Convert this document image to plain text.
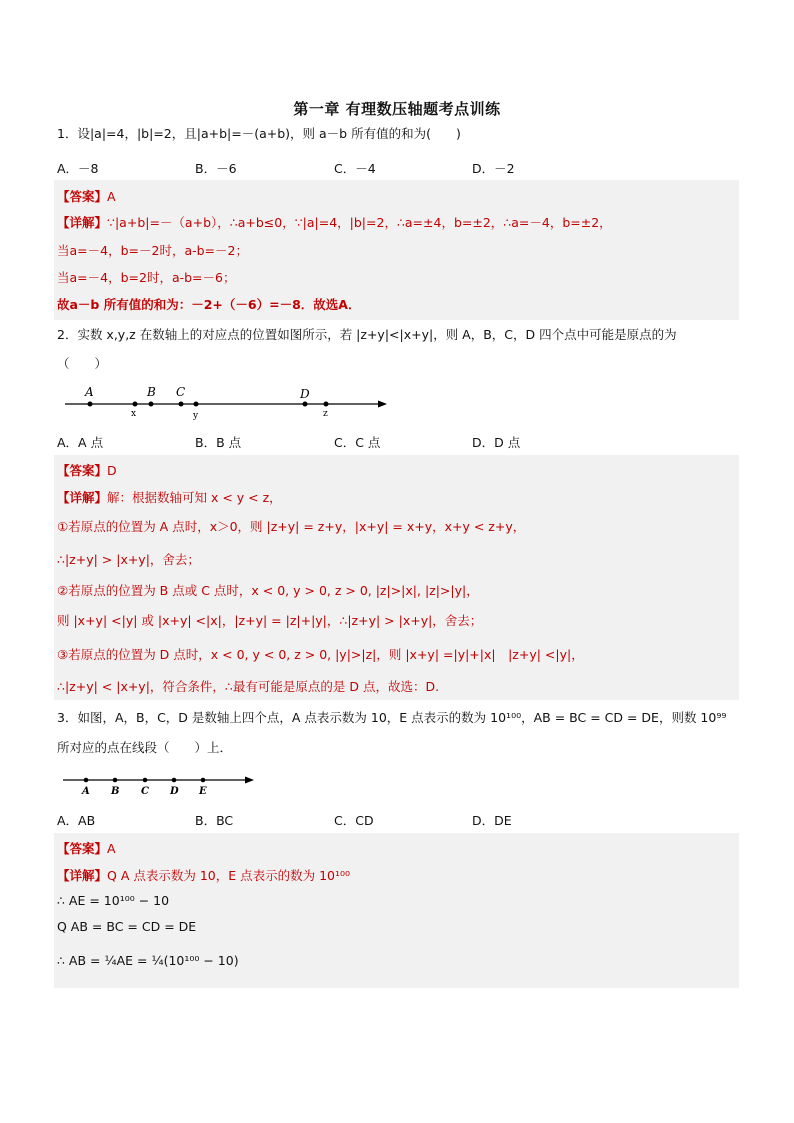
第一章 有理数压轴题考点训练
1．设|a|=4，|b|=2，且|a+b|=－(a+b)，则 a－b 所有值的和为(　　)
A．－8	B．－6	C．－4	D．－2
【答案】A
【详解】∵|a+b|=－（a+b），∴a+b≤0，∵|a|=4，|b|=2，∴a=±4，b=±2，∴a=－4，b=±2，
当a=－4，b=－2时，a-b=－2；
当a=－4，b=2时，a-b=－6；
故a－b 所有值的和为：－2+（－6）=－8．故选A．
2．实数 x,y,z 在数轴上的对应点的位置如图所示，若 |z+y|<|x+y|，则 A，B，C，D 四个点中可能是原点的为
（　　）
A	B C	D
x	y	z
A．A 点	B．B 点	C．C 点	D．D 点
【答案】D
【详解】解：根据数轴可知 x < y < z，
①若原点的位置为 A 点时，x＞0，则 |z+y| = z+y，|x+y| = x+y，x+y < z+y，
∴|z+y| > |x+y|，舍去；
②若原点的位置为 B 点或 C 点时，x < 0, y > 0, z > 0, |z|>|x|, |z|>|y|，
则 |x+y| <|y| 或 |x+y| <|x|，|z+y| = |z|+|y|，∴|z+y| > |x+y|，舍去；
③若原点的位置为 D 点时，x < 0, y < 0, z > 0, |y|>|z|，则 |x+y| =|y|+|x|　|z+y| <|y|，
∴|z+y| < |x+y|，符合条件，∴最有可能是原点的是 D 点，故选：D.
3．如图，A，B，C，D 是数轴上四个点，A 点表示数为 10，E 点表示的数为 10¹⁰⁰，AB = BC = CD = DE，则数 10⁹⁹
所对应的点在线段（　　）上．
A B C D E
A．AB	B．BC	C．CD	D．DE
【答案】A
【详解】Q A 点表示数为 10，E 点表示的数为 10¹⁰⁰
∴ AE = 10¹⁰⁰ − 10
Q AB = BC = CD = DE
∴ AB = ¼AE = ¼(10¹⁰⁰ − 10)
